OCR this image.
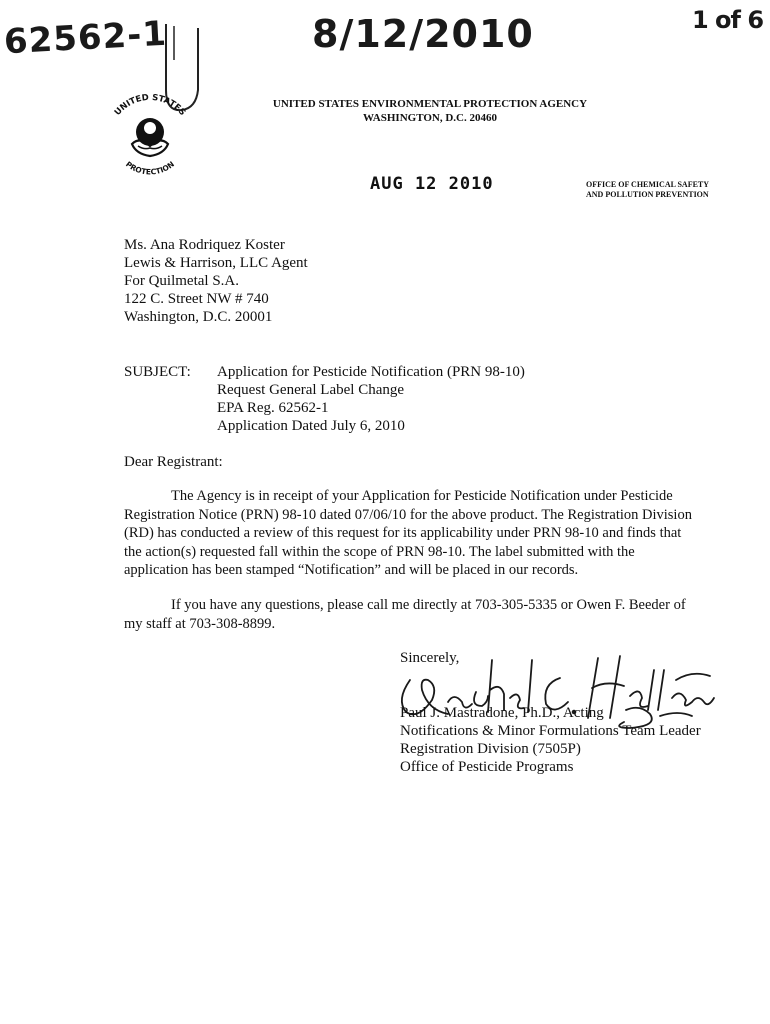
62562-1	8/12/2010	1 of 6
UNITED STATES
PROTECTION
UNITED STATES ENVIRONMENTAL PROTECTION AGENCY
WASHINGTON, D.C. 20460
AUG 12 2010	OFFICE OF CHEMICAL SAFETY
AND POLLUTION PREVENTION
Ms. Ana Rodriquez Koster
Lewis & Harrison, LLC Agent
For Quilmetal S.A.
122 C. Street NW # 740
Washington, D.C. 20001
SUBJECT: Application for Pesticide Notification (PRN 98-10)
Request General Label Change
EPA Reg. 62562-1
Application Dated July 6, 2010
Dear Registrant:
The Agency is in receipt of your Application for Pesticide Notification under Pesticide
Registration Notice (PRN) 98-10 dated 07/06/10 for the above product. The Registration Division
(RD) has conducted a review of this request for its applicability under PRN 98-10 and finds that
the action(s) requested fall within the scope of PRN 98-10. The label submitted with the
application has been stamped “Notification” and will be placed in our records.
If you have any questions, please call me directly at 703-305-5335 or Owen F. Beeder of
my staff at 703-308-8899.
Sincerely,
Paul J. Mastradone, Ph.D., Acting
Notifications & Minor Formulations Team Leader
Registration Division (7505P)
Office of Pesticide Programs
